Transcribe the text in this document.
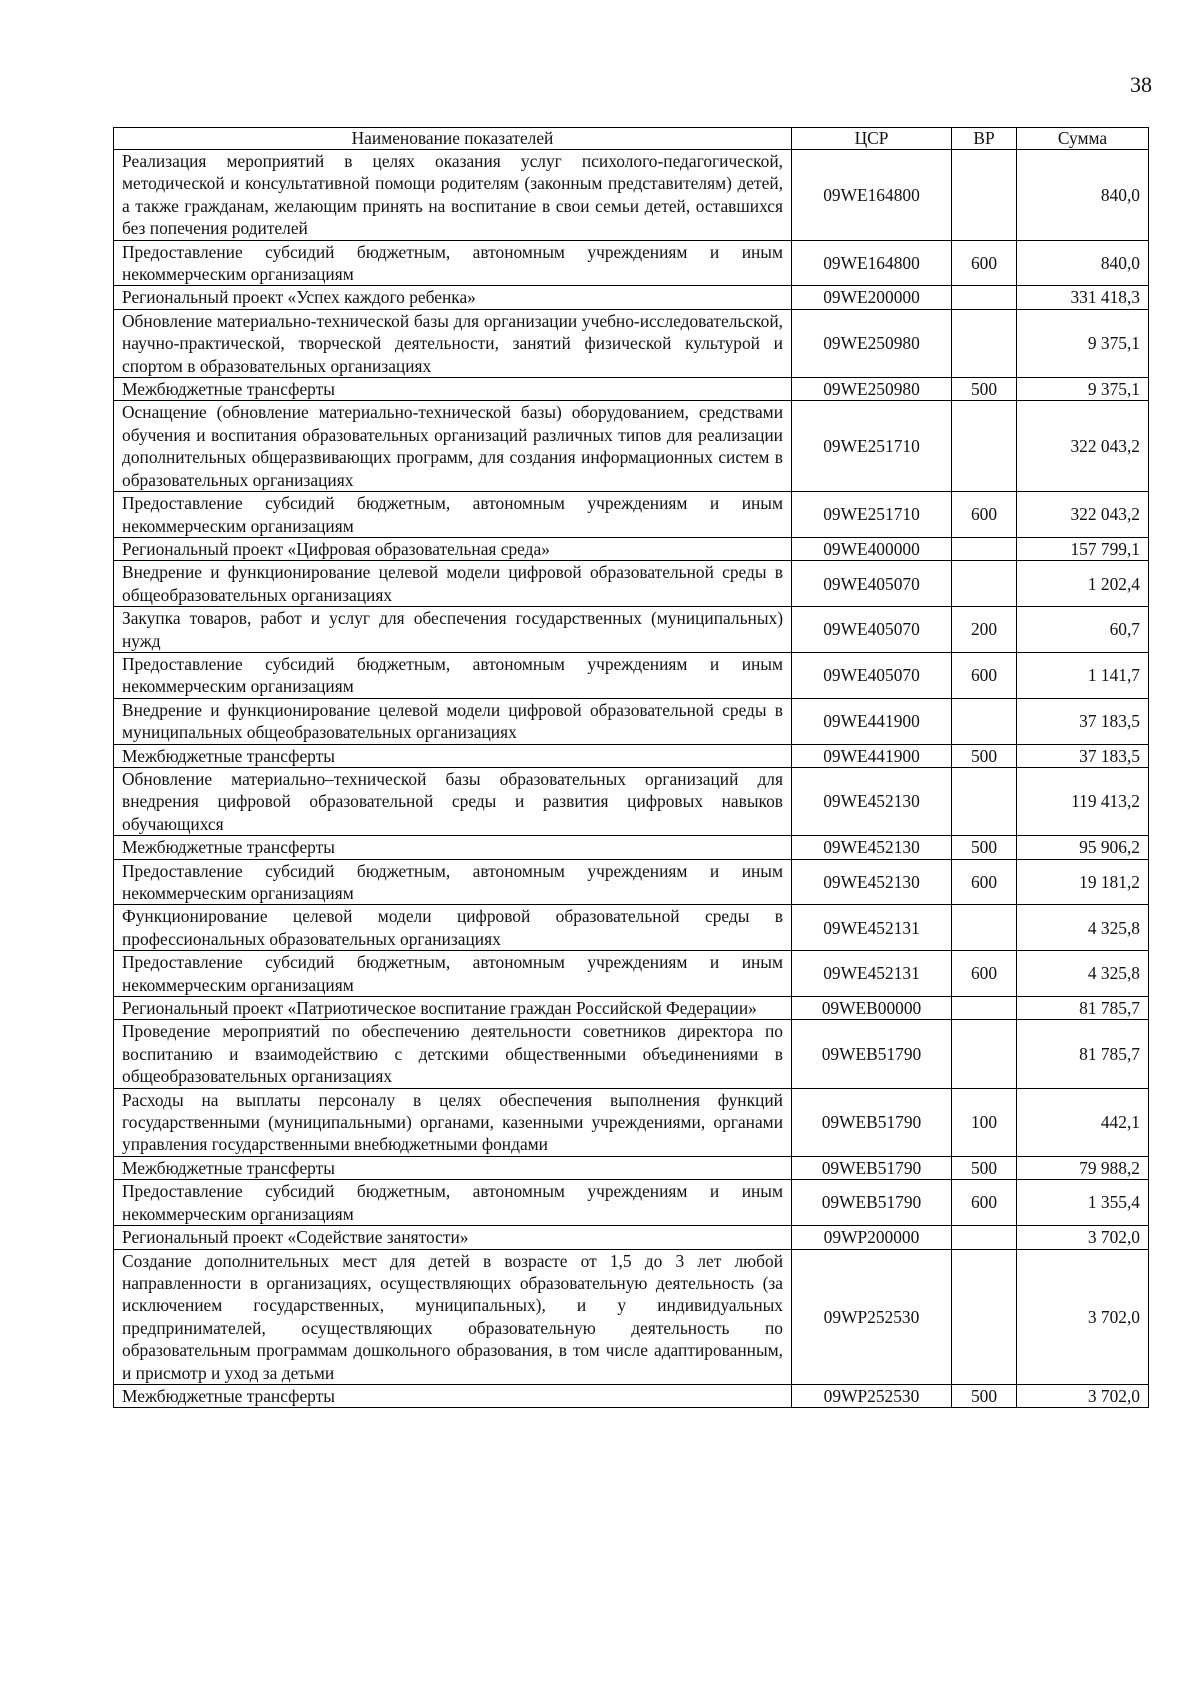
38
Наименование показателей	ЦСР	ВР	Сумма
Реализация мероприятий в целях оказания услуг психолого-педагогической, методической и консультативной помощи родителям (законным представителям) детей, а также гражданам, желающим принять на воспитание в свои семьи детей, оставшихся без попечения родителей	09WE164800		840,0
Предоставление субсидий бюджетным, автономным учреждениям и иным некоммерческим организациям	09WE164800	600	840,0
Региональный проект «Успех каждого ребенка»	09WE200000		331 418,3
Обновление материально-технической базы для организации учебно-исследовательской, научно-практической, творческой деятельности, занятий физической культурой и спортом в образовательных организациях	09WE250980		9 375,1
Межбюджетные трансферты	09WE250980	500	9 375,1
Оснащение (обновление материально-технической базы) оборудованием, средствами обучения и воспитания образовательных организаций различных типов для реализации дополнительных общеразвивающих программ, для создания информационных систем в образовательных организациях	09WE251710		322 043,2
Предоставление субсидий бюджетным, автономным учреждениям и иным некоммерческим организациям	09WE251710	600	322 043,2
Региональный проект «Цифровая образовательная среда»	09WE400000		157 799,1
Внедрение и функционирование целевой модели цифровой образовательной среды в общеобразовательных организациях	09WE405070		1 202,4
Закупка товаров, работ и услуг для обеспечения государственных (муниципальных) нужд	09WE405070	200	60,7
Предоставление субсидий бюджетным, автономным учреждениям и иным некоммерческим организациям	09WE405070	600	1 141,7
Внедрение и функционирование целевой модели цифровой образовательной среды в муниципальных общеобразовательных организациях	09WE441900		37 183,5
Межбюджетные трансферты	09WE441900	500	37 183,5
Обновление материально–технической базы образовательных организаций для внедрения цифровой образовательной среды и развития цифровых навыков обучающихся	09WE452130		119 413,2
Межбюджетные трансферты	09WE452130	500	95 906,2
Предоставление субсидий бюджетным, автономным учреждениям и иным некоммерческим организациям	09WE452130	600	19 181,2
Функционирование целевой модели цифровой образовательной среды в профессиональных образовательных организациях	09WE452131		4 325,8
Предоставление субсидий бюджетным, автономным учреждениям и иным некоммерческим организациям	09WE452131	600	4 325,8
Региональный проект «Патриотическое воспитание граждан Российской Федерации»	09WEB00000		81 785,7
Проведение мероприятий по обеспечению деятельности советников директора по воспитанию и взаимодействию с детскими общественными объединениями в общеобразовательных организациях	09WEB51790		81 785,7
Расходы на выплаты персоналу в целях обеспечения выполнения функций государственными (муниципальными) органами, казенными учреждениями, органами управления государственными внебюджетными фондами	09WEB51790	100	442,1
Межбюджетные трансферты	09WEB51790	500	79 988,2
Предоставление субсидий бюджетным, автономным учреждениям и иным некоммерческим организациям	09WEB51790	600	1 355,4
Региональный проект «Содействие занятости»	09WP200000		3 702,0
Создание дополнительных мест для детей в возрасте от 1,5 до 3 лет любой направленности в организациях, осуществляющих образовательную деятельность (за исключением государственных, муниципальных), и у индивидуальных предпринимателей, осуществляющих образовательную деятельность по образовательным программам дошкольного образования, в том числе адаптированным, и присмотр и уход за детьми	09WP252530		3 702,0
Межбюджетные трансферты	09WP252530	500	3 702,0
